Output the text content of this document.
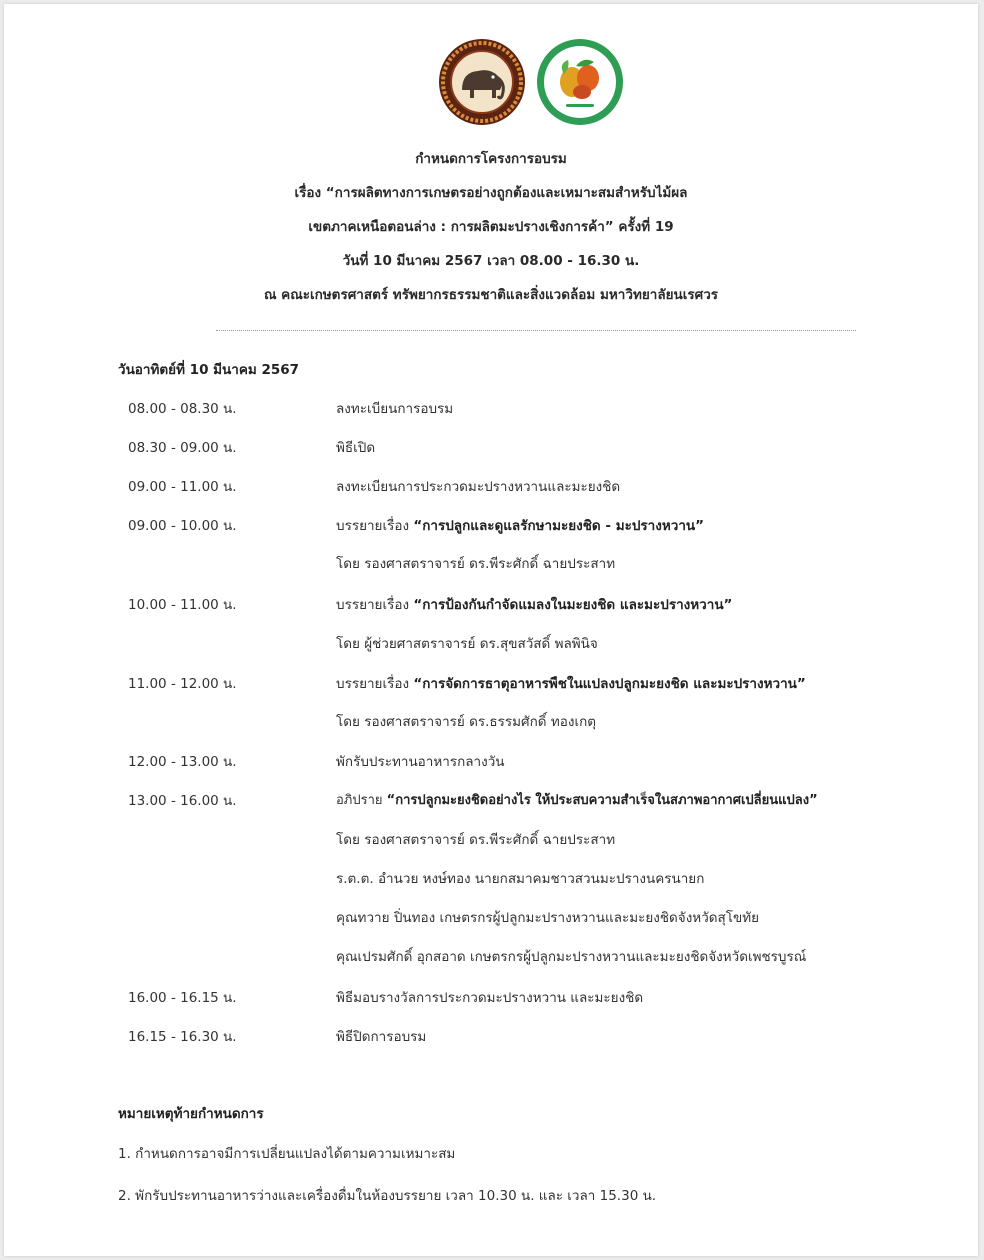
กำหนดการโครงการอบรม
เรื่อง “การผลิตทางการเกษตรอย่างถูกต้องและเหมาะสมสำหรับไม้ผล
เขตภาคเหนือตอนล่าง : การผลิตมะปรางเชิงการค้า” ครั้งที่ 19
วันที่ 10 มีนาคม 2567 เวลา 08.00 - 16.30 น.
ณ คณะเกษตรศาสตร์ ทรัพยากรธรรมชาติและสิ่งแวดล้อม มหาวิทยาลัยนเรศวร
วันอาทิตย์ที่ 10 มีนาคม 2567
08.00 - 08.30 น.	ลงทะเบียนการอบรม
08.30 - 09.00 น.	พิธีเปิด
09.00 - 11.00 น.	ลงทะเบียนการประกวดมะปรางหวานและมะยงชิด
09.00 - 10.00 น.	บรรยายเรื่อง “การปลูกและดูแลรักษามะยงชิด - มะปรางหวาน”
โดย รองศาสตราจารย์ ดร.พีระศักดิ์ ฉายประสาท
10.00 - 11.00 น.	บรรยายเรื่อง “การป้องกันกำจัดแมลงในมะยงชิด และมะปรางหวาน”
โดย ผู้ช่วยศาสตราจารย์ ดร.สุขสวัสดิ์ พลพินิจ
11.00 - 12.00 น.	บรรยายเรื่อง “การจัดการธาตุอาหารพืชในแปลงปลูกมะยงชิด และมะปรางหวาน”
โดย รองศาสตราจารย์ ดร.ธรรมศักดิ์ ทองเกตุ
12.00 - 13.00 น.	พักรับประทานอาหารกลางวัน
13.00 - 16.00 น.	อภิปราย “การปลูกมะยงชิดอย่างไร ให้ประสบความสำเร็จในสภาพอากาศเปลี่ยนแปลง”
โดย รองศาสตราจารย์ ดร.พีระศักดิ์ ฉายประสาท
ร.ต.ต. อำนวย หงษ์ทอง นายกสมาคมชาวสวนมะปรางนครนายก
คุณทวาย ปิ่นทอง เกษตรกรผู้ปลูกมะปรางหวานและมะยงชิดจังหวัดสุโขทัย
คุณเปรมศักดิ์ อุกสอาด เกษตรกรผู้ปลูกมะปรางหวานและมะยงชิดจังหวัดเพชรบูรณ์
16.00 - 16.15 น.	พิธีมอบรางวัลการประกวดมะปรางหวาน และมะยงชิด
16.15 - 16.30 น.	พิธีปิดการอบรม
หมายเหตุท้ายกำหนดการ
1. กำหนดการอาจมีการเปลี่ยนแปลงได้ตามความเหมาะสม
2. พักรับประทานอาหารว่างและเครื่องดื่มในห้องบรรยาย เวลา 10.30 น. และ เวลา 15.30 น.
